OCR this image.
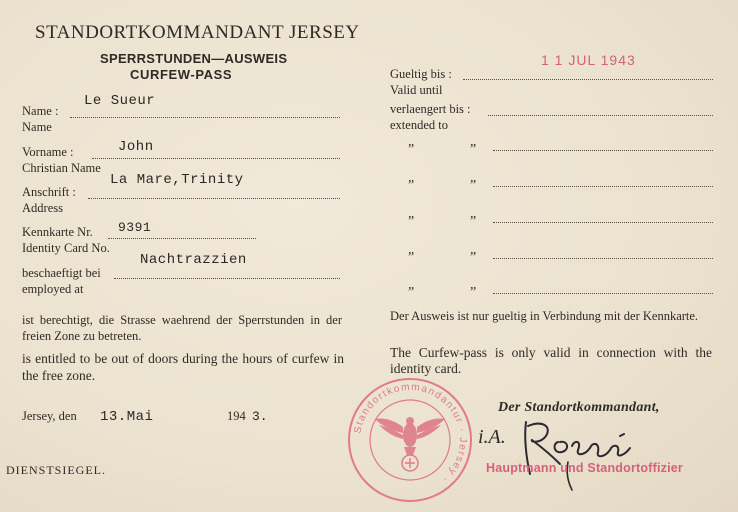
STANDORTKOMMANDANT JERSEY
SPERRSTUNDEN—AUSWEIS
CURFEW-PASS
Name :
Name
Le Sueur
Vorname :
Christian Name
John
Anschrift :
Address
La Mare,Trinity
Kennkarte Nr.
Identity Card No.
9391
beschaeftigt bei
employed at
Nachtrazzien
ist berechtigt, die Strasse waehrend der Sperrstunden in der freien Zone zu betreten.
is entitled to be out of doors during the hours of curfew in the free zone.
Jersey, den 13.Mai	194 3.
DIENSTSIEGEL.
Gueltig bis :
1 1 JUL 1943
Valid until
verlaengert bis :
extended to
”	”
”	”
”	”
”	”
”	”
Der Ausweis ist nur gueltig in Verbindung mit der Kennkarte.
The Curfew-pass is only valid in connection with the identity card.
Der Standortkommandant,
i.A.
Hauptmann und Standortoffizier
Standortkommandantur · Jersey ·
